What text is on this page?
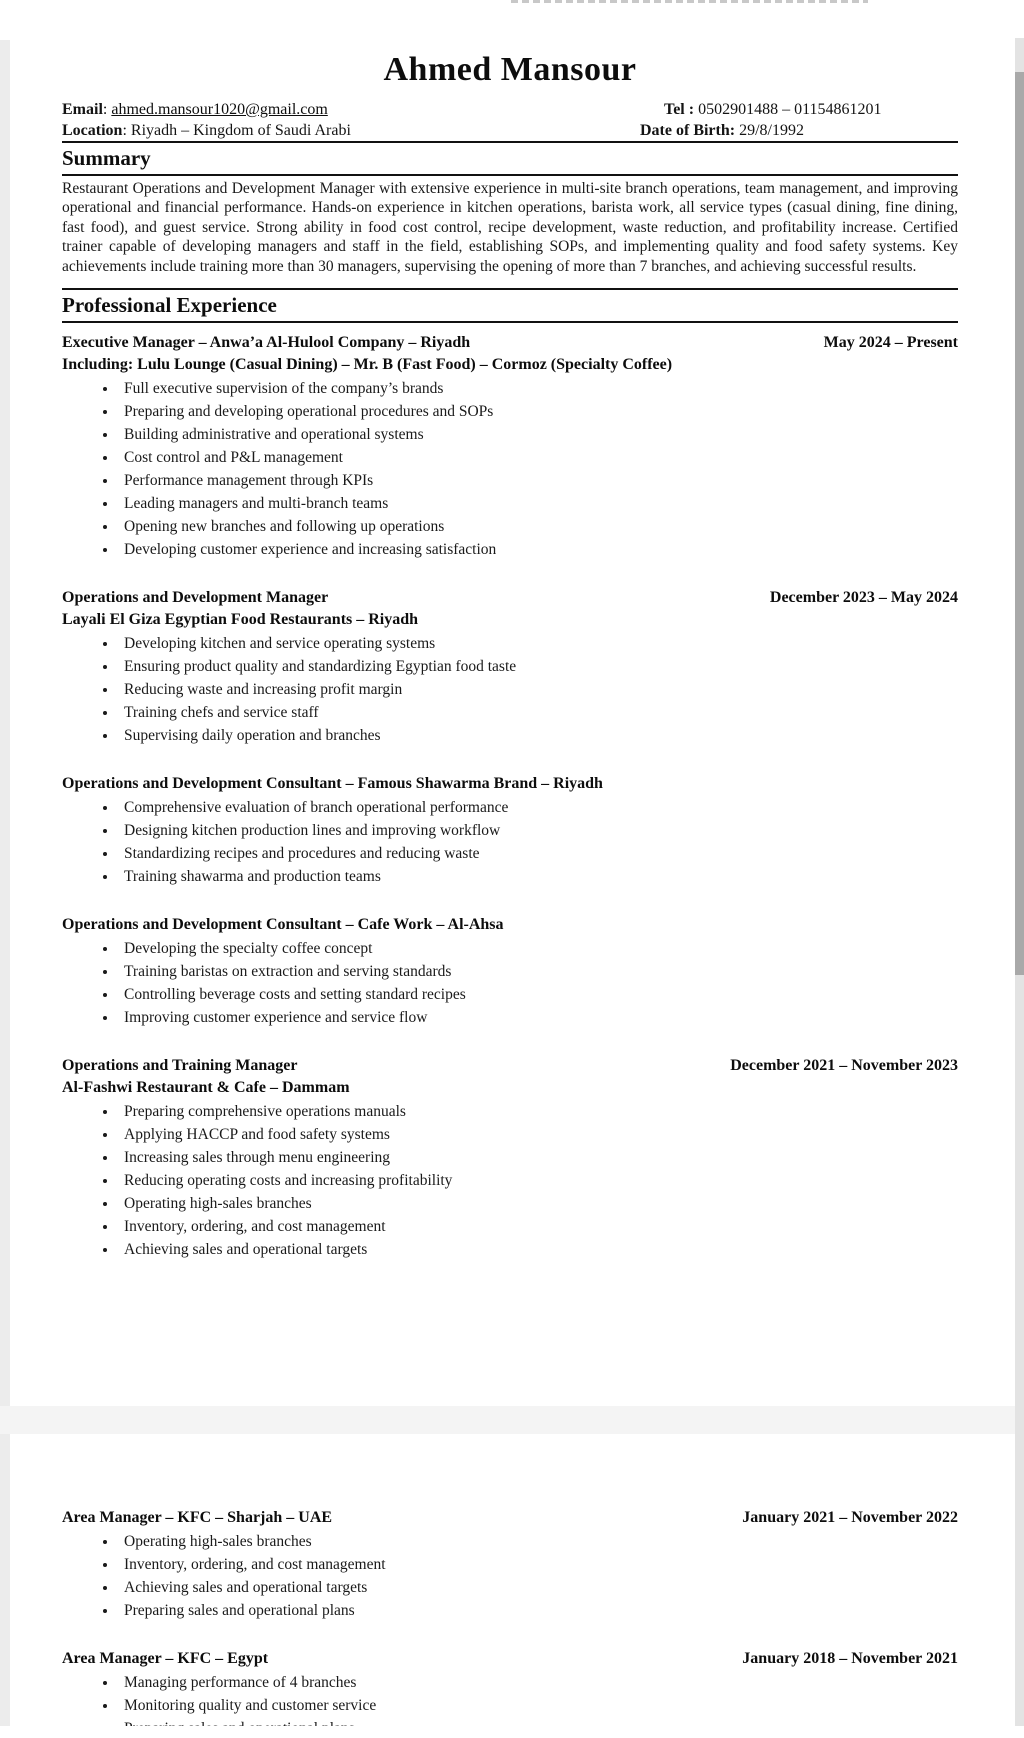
Ahmed Mansour
Email: ahmed.mansour1020@gmail.com	Tel : 0502901488 – 01154861201
Location: Riyadh – Kingdom of Saudi Arabi	Date of Birth: 29/8/1992
Summary

Restaurant Operations and Development Manager with extensive experience in multi-site branch operations, team management, and improving operational and financial performance. Hands-on experience in kitchen operations, barista work, all service types (casual dining, fine dining, fast food), and guest service. Strong ability in food cost control, recipe development, waste reduction, and profitability increase. Certified trainer capable of developing managers and staff in the field, establishing SOPs, and implementing quality and food safety systems. Key achievements include training more than 30 managers, supervising the opening of more than 7 branches, and achieving successful results.

Professional Experience
Executive Manager – Anwa’a Al-Hulool Company – Riyadh	May 2024 – Present
Including: Lulu Lounge (Casual Dining) – Mr. B (Fast Food) – Cormoz (Specialty Coffee)
• Full executive supervision of the company’s brands
• Preparing and developing operational procedures and SOPs
• Building administrative and operational systems
• Cost control and P&L management
• Performance management through KPIs
• Leading managers and multi-branch teams
• Opening new branches and following up operations
• Developing customer experience and increasing satisfaction
Operations and Development Manager	December 2023 – May 2024
Layali El Giza Egyptian Food Restaurants – Riyadh
• Developing kitchen and service operating systems
• Ensuring product quality and standardizing Egyptian food taste
• Reducing waste and increasing profit margin
• Training chefs and service staff
• Supervising daily operation and branches
Operations and Development Consultant – Famous Shawarma Brand – Riyadh
• Comprehensive evaluation of branch operational performance
• Designing kitchen production lines and improving workflow
• Standardizing recipes and procedures and reducing waste
• Training shawarma and production teams
Operations and Development Consultant – Cafe Work – Al-Ahsa
• Developing the specialty coffee concept
• Training baristas on extraction and serving standards
• Controlling beverage costs and setting standard recipes
• Improving customer experience and service flow
Operations and Training Manager	December 2021 – November 2023
Al-Fashwi Restaurant & Cafe – Dammam
• Preparing comprehensive operations manuals
• Applying HACCP and food safety systems
• Increasing sales through menu engineering
• Reducing operating costs and increasing profitability
• Operating high-sales branches
• Inventory, ordering, and cost management
• Achieving sales and operational targets
Area Manager – KFC – Sharjah – UAE	January 2021 – November 2022
• Operating high-sales branches
• Inventory, ordering, and cost management
• Achieving sales and operational targets
• Preparing sales and operational plans
Area Manager – KFC – Egypt	January 2018 – November 2021
• Managing performance of 4 branches
• Monitoring quality and customer service
•
